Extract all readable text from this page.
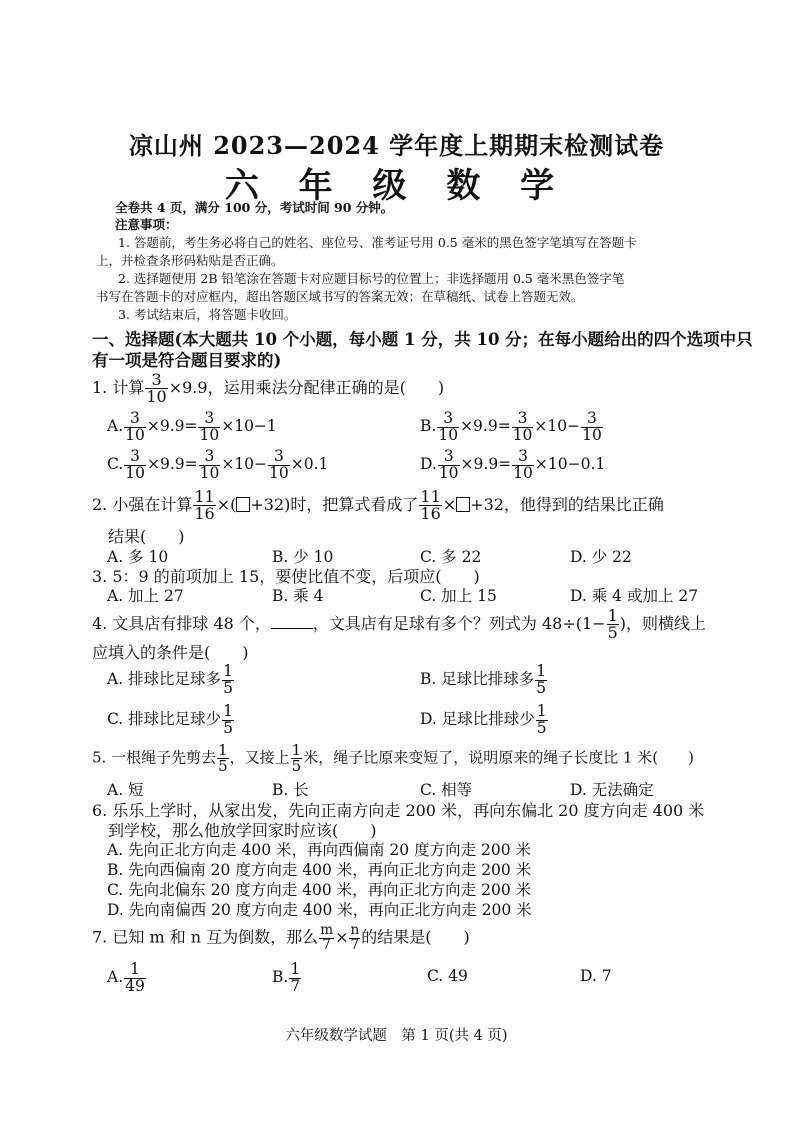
凉山州 2023—2024 学年度上期期末检测试卷
六 年 级 数 学
全卷共 4 页，满分 100 分，考试时间 90 分钟。
注意事项：
1. 答题前，考生务必将自己的姓名、座位号、准考证号用 0.5 毫米的黑色签字笔填写在答题卡
上，并检查条形码粘贴是否正确。
2. 选择题使用 2B 铅笔涂在答题卡对应题目标号的位置上；非选择题用 0.5 毫米黑色签字笔
书写在答题卡的对应框内，超出答题区域书写的答案无效；在草稿纸、试卷上答题无效。
3. 考试结束后，将答题卡收回。
一、选择题(本大题共 10 个小题，每小题 1 分，共 10 分；在每小题给出的四个选项中只
有一项是符合题目要求的)
1. 计算 $\frac{3}{10} \times 9.9$，运用乘法分配律正确的是(　　)
A. $\frac{3}{10} \times 9.9= \frac{3}{10} \times 10-1$	B. $\frac{3}{10} \times 9.9= \frac{3}{10} \times 10- \frac{3}{10}$
C. $\frac{3}{10} \times 9.9= \frac{3}{10} \times 10- \frac{3}{10} \times 0.1$	D. $\frac{3}{10} \times 9.9= \frac{3}{10} \times 10-0.1$
2. 小强在计算 $\frac{11}{16}$ ×( +32)时，把算式看成了 $\frac{11}{16} \times +32$，他得到的结果比正确
结果(　　)
A. 多 10	B. 少 10	C. 多 22	D. 少 22
3. 5：9 的前项加上 15，要使比值不变，后项应(　　)
A. 加上 27	B. 乘 4	C. 加上 15	D. 乘 4 或加上 27
4. 文具店有排球 48 个，	，文具店有足球有多个？列式为 $48\div(1- \frac{1}{5}$ )，则横线上
应填入的条件是(　　)
A. 排球比足球多 $\frac{1}{5}$	B. 足球比排球多 $\frac{1}{5}$
C. 排球比足球少 $\frac{1}{5}$	D. 足球比排球少 $\frac{1}{5}$
5. 一根绳子先剪去 $\frac{1}{5}$ ，又接上 $\frac{1}{5}$ 米，绳子比原来变短了，说明原来的绳子长度比 1 米(　　)
A. 短	B. 长	C. 相等	D. 无法确定
6. 乐乐上学时，从家出发，先向正南方向走 200 米，再向东偏北 20 度方向走 400 米
到学校，那么他放学回家时应该(　　)
A. 先向正北方向走 400 米，再向西偏南 20 度方向走 200 米
B. 先向西偏南 20 度方向走 400 米，再向正北方向走 200 米
C. 先向北偏东 20 度方向走 400 米，再向正北方向走 200 米
D. 先向南偏西 20 度方向走 400 米，再向正北方向走 200 米
7. 已知 m 和 n 互为倒数，那么 $\frac{m}{7} \times \frac{n}{7}$ 的结果是(　　)
A. $\frac{1}{49}$	B. $\frac{1}{7}$	C. 49	D. 7
六年级数学试题　第 1 页(共 4 页)
